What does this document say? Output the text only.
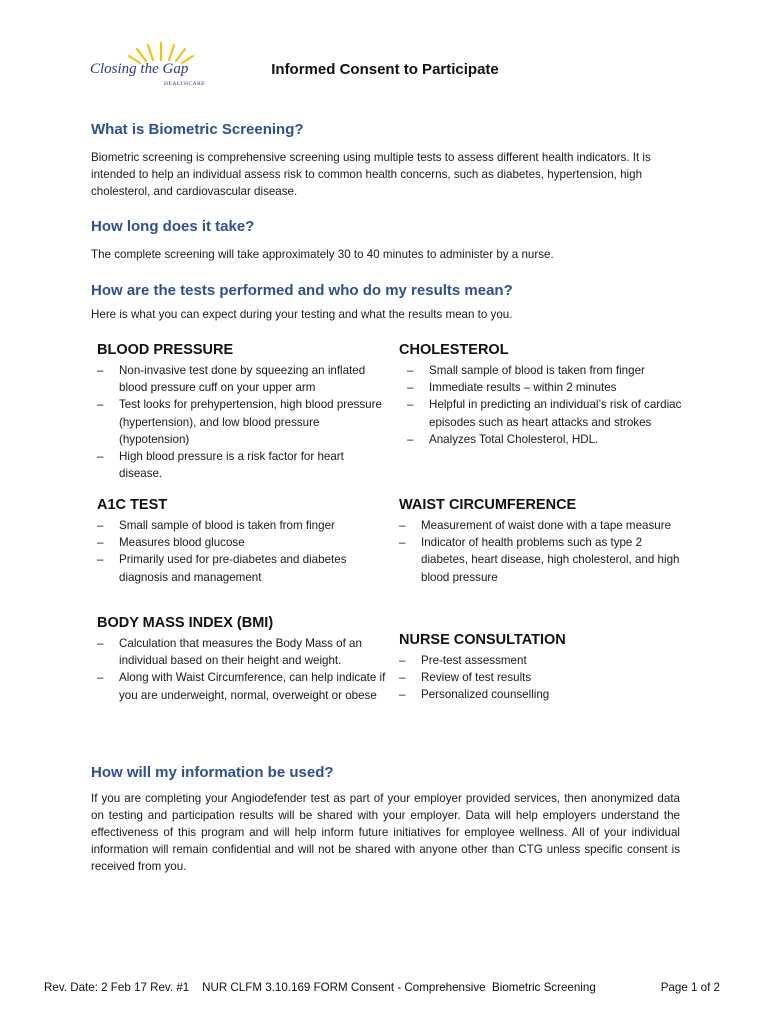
Closing the Gap
HEALTHCARE
Informed Consent to Participate
What is Biometric Screening?

Biometric screening is comprehensive screening using multiple tests to assess different health indicators. It is intended to help an individual assess risk to common health concerns, such as diabetes, hypertension, high cholesterol, and cardiovascular disease.

How long does it take?

The complete screening will take approximately 30 to 40 minutes to administer by a nurse.

How are the tests performed and who do my results mean?

Here is what you can expect during your testing and what the results mean to you.

BLOOD PRESSURE
– Non-invasive test done by squeezing an inflated blood pressure cuff on your upper arm
– Test looks for prehypertension, high blood pressure (hypertension), and low blood pressure (hypotension)
– High blood pressure is a risk factor for heart disease.
CHOLESTEROL
– Small sample of blood is taken from finger
– Immediate results – within 2 minutes
– Helpful in predicting an individual’s risk of cardiac episodes such as heart attacks and strokes
– Analyzes Total Cholesterol, HDL.
A1C TEST
– Small sample of blood is taken from finger
– Measures blood glucose
– Primarily used for pre-diabetes and diabetes diagnosis and management
WAIST CIRCUMFERENCE
– Measurement of waist done with a tape measure
– Indicator of health problems such as type 2 diabetes, heart disease, high cholesterol, and high blood pressure
BODY MASS INDEX (BMI)
– Calculation that measures the Body Mass of an individual based on their height and weight.
– Along with Waist Circumference, can help indicate if you are underweight, normal, overweight or obese
NURSE CONSULTATION
– Pre-test assessment
– Review of test results
– Personalized counselling
How will my information be used?

If you are completing your Angiodefender test as part of your employer provided services, then anonymized data on testing and participation results will be shared with your employer. Data will help employers understand the effectiveness of this program and will help inform future initiatives for employee wellness. All of your individual information will remain confidential and will not be shared with anyone other than CTG unless specific consent is received from you.

Rev. Date: 2 Feb 17 Rev. #1    NUR CLFM 3.10.169 FORM Consent - Comprehensive  Biometric Screening	Page 1 of 2
